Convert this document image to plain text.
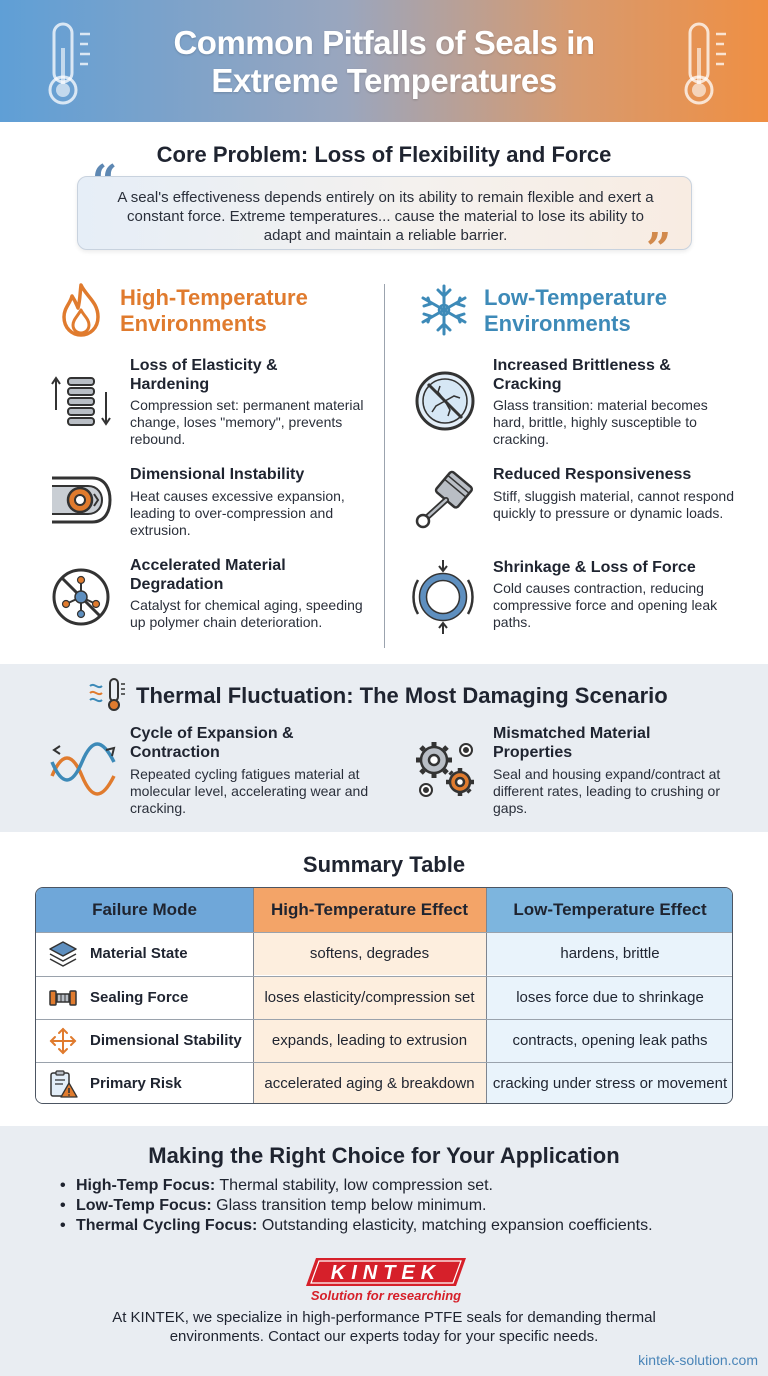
Common Pitfalls of Seals in Extreme Temperatures
Core Problem: Loss of Flexibility and Force

A seal's effectiveness depends entirely on its ability to remain flexible and exert a constant force. Extreme temperatures... cause the material to lose its ability to adapt and maintain a reliable barrier.

“
”
High-Temperature
Environments
Loss of Elasticity &
Hardening
Compression set: permanent material change, loses "memory", prevents rebound.
Dimensional Instability
Heat causes excessive expansion, leading to over-compression and extrusion.
Accelerated Material
Degradation
Catalyst for chemical aging, speeding up polymer chain deterioration.
Low-Temperature
Environments
Increased Brittleness &
Cracking
Glass transition: material becomes hard, brittle, highly susceptible to cracking.
Reduced Responsiveness
Stiff, sluggish material, cannot respond quickly to pressure or dynamic loads.
Shrinkage & Loss of Force
Cold causes contraction, reducing compressive force and opening leak paths.
Thermal Fluctuation: The Most Damaging Scenario
Cycle of Expansion &
Contraction
Repeated cycling fatigues material at molecular level, accelerating wear and cracking.
Mismatched Material
Properties
Seal and housing expand/contract at different rates, leading to crushing or gaps.
Summary Table
Failure Mode	High-Temperature Effect	Low-Temperature Effect
Material State	softens, degrades	hardens, brittle
Sealing Force	loses elasticity/compression set	loses force due to shrinkage
Dimensional Stability	expands, leading to extrusion	contracts, opening leak paths
Primary Risk	accelerated aging & breakdown	cracking under stress or movement
Making the Right Choice for Your Application
• High-Temp Focus: Thermal stability, low compression set.
• Low-Temp Focus: Glass transition temp below minimum.
• Thermal Cycling Focus: Outstanding elasticity, matching expansion coefficients.
KINTEK
Solution for researching
At KINTEK, we specialize in high-performance PTFE seals for demanding thermal environments. Contact our experts today for your specific needs.
kintek-solution.com
